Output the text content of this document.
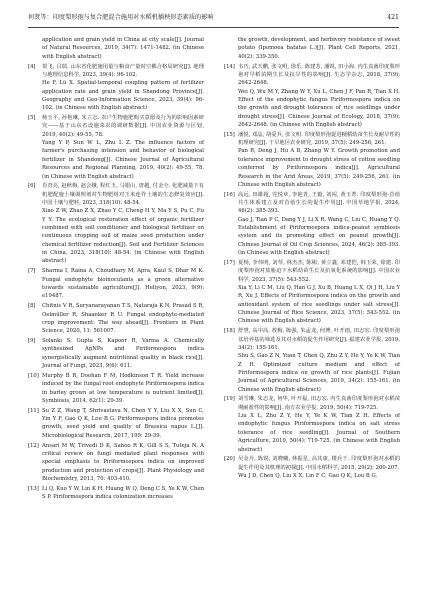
何贤等：印度梨形孢与复合肥混合施用对水稻机插秧形态素质的影响	421
application and grain yield in China at city scale[J]. Journal of Natural Resources, 2019, 34(7): 1471-1482. (in Chinese with English abstract)
[4] 贺飞, 吕瑞. 山东省化肥施用量与粮食产量时空耦合格局研究[J]. 地理与地理信息科学, 2023, 39(4): 96-102.
He F, Lü X. Spatial-temporal coupling pattern of fertilizer application rate and grain yield in Shandong Province[J]. Geography and Geo-Information Science, 2023, 39(4): 96-102. (in Chinese with English abstract)
[5] 杨玉平, 孙艳琳, 朱立志. 农户生物施肥购买意愿及行为的影响因素研究——基于山东省设施菜农的调研数据[J]. 中国农业资源与区划, 2019, 40(2): 49-55, 78.
Yang Y P, Sun W L, Zhu L Z. The influence factors of farmer's purchasing intension and behavior of biological fertilizer in Shandong[J]. Chinese Journal of Agricultural Resources and Regional Planning, 2019, 40(2): 49-55, 78. (in Chinese with English abstract)
[6] 肖青亮, 赵秋梅, 赵会娥, 程红玉, 马银山, 唐越, 付金全. 化肥减量下有机肥配施土壤调理剂对生物肥组对玉米连作土壤的生态修复效应[J]. 中国土壤与肥料, 2023, 318(10): 48-54.
Xiao Z W, Zhao Z X, Zhao Y C, Cheng H Y, Ma Y S, Pu C, Fu Y Y. The ecological restoration effect of organic fertilizer combined with soil conditioner and biological fertilizer on continuous cropping soil of maize seed production under chemical fertilizer reduction[J]. Soil and Fertilizer Sciences in China, 2023, 318(10): 48-54. (in Chinese with English abstract)
[7] Sharma I, Raina A, Choudhary M, Apra, Kaul S, Dhar M K. Fungal endophyte bioinoculants as a green alternative towards sustainable agriculture[J]. Heliyon, 2023, 9(9): e19487.
[8] Chitnis V R, Suryanarayanan T S, Nataraja K N, Prasad S R, Oelmüller R, Shaanker R U. Fungal endophyte-mediated crop improvement: The way ahead[J]. Frontiers in Plant Science, 2020, 11: 561007.
[9] Solanki S, Gupta S, Kapoor R, Varma A. Chemically synthesized AgNPs and Piriformospora indica synergistically augment nutritional quality in black rice[J]. Journal of Fungi, 2023, 9(6): 611.
[10] Murphy B R, Doohan F M, Hodkinson T R. Yield increase induced by the fungal root endophyte Piriformospora indica in barley grown at low temperature is nutrient limited[J]. Symbiosis, 2014, 62(1): 29-39.
[11] Su Z Z, Wang T, Shrivastava N, Chen Y Y, Liu X X, Sun C, Yin Y F, Gao Q K, Lou B G. Piriformospora indica promotes growth, seed yield and quality of Brassica napus L.[J]. Microbiological Research, 2017, 199: 29-39.
[12] Ansari M W, Trivedi D K, Sahoo R K, Gill S S, Tuteja N. A critical review on fungi mediated plant responses with special emphasis to Piriformospora indica on improved production and protection of crops[J]. Plant Physiology and Biochemistry, 2013, 70: 403-410.
[13] Li Q, Kuo Y W, Lin K H, Huang W Q, Deng C S, Ye K W, Chen S P. Piriformospora indica colonization increases
the growth, development, and herbivory resistance of sweet potato (Ipomoea batatas L.)[J]. Plant Cell Reports, 2021, 40(2): 339-350.
[14] 韦巧, 武天鹏, 张文明, 徐乐, 陈建芳, 潘锐, 田小海. 内生真菌印度梨形孢对早稻苗期生长及抗旱性的影响[J]. 生态学杂志, 2018, 37(9): 2642-2648.
Wei Q, Wu M Y, Zhang W Y, Xu L, Chen J F, Pan R, Tian X H. Effect of the endophytic fungus Piriformospora indica on the growth and drought tolerance of rice seedlings under drought stress[J]. Chinese Journal of Ecology, 2018, 37(9): 2642-2648. (in Chinese with English abstract)
[15] 潘悦, 邓晶, 胡爱兵, 张文明. 印度梨形孢促进粳稻幼苗生长及耐旱性的机理研究[J]. 干旱地区农业研究, 2019, 37(5): 249-256, 261.
Pan R, Deng J, Hu A B, Zhang W Y. Growth promotion and tolerance improvement to drought stress of cotton seedling conferred by Piriformospora indica[J]. Agricultural Research in the Arid Areas, 2019, 37(5): 249-256, 261. (in Chinese with English abstract)
[16] 高远, 田雄超, 党悦章, 李艳青, 王毅, 刘闯, 黄玉菁. 印度梨形孢-苜蓿共生体系建立及对苜蓿生长的促生作用[J]. 中国草地学报, 2024, 46(2): 385-393.
Gao J, Tian P C, Dang Y J, Li X R, Wang C, Liu C, Huang Y Q. Establishment of Piriformospora indica-peanut symbiosis system and its promoting effect on peanut growth[J]. Chinese Journal of Oil Crop Sciences, 2024, 46(2): 385-393. (in Chinese with English abstract)
[17] 夏杨, 李伟明, 刘琴, 林杰杰, 陈彬, 黄立鑫, 邓建恺, 韩玉荣, 徐建. 印度梨形孢对盐胁迫下水稻幼苗生长及抗氧化系统的影响[J]. 中国农业科学, 2023, 37(5): 543-552.
Xia Y, Li C M, Liu Q, Han G J, Xu B, Huang L X, Qi J H, Liu Y R, Xu J. Effects of Piriformospora indica on the growth and antioxidant system of rice seedlings under salt stress[J]. Chinese Journal of Rice Science, 2023, 37(5): 543-552. (in Chinese with English abstract)
[18] 舒慧, 高中高, 敖梅, 陈强, 朱孟龙, 何博, 叶开雨, 田志宏. 印度梨形孢盆培养基的筛选及其对水稻的促生作用研究[J]. 福建农业学报, 2019, 34(2): 155-161.
Shu S, Gao Z N, Yuan T, Chen Q, Zhu Z Y, He Y, Ye K W, Tian Z H. Optimized culture medium and effect of Piriformospora indica on growth of rice plants[J]. Fujian Journal of Agricultural Sciences, 2019, 34(2): 155-161. (in Chinese with English abstract)
[19] 刘雪琳, 朱志龙, 何华, 叶开福, 田志宏. 内生真菌印度梨形孢对水稻苗期耐盐性的影响[J]. 南方农业学报, 2019, 50(4): 719-725.
Liu X L, Zhu Z Y, He Y, Ye K W, Tian Z H. Effects of endophytic fungus Piriformospora indica on salt stress tolerance of rice seedling[J]. Journal of Southern Agriculture, 2019, 50(4): 719-725. (in Chinese with English abstract)
[20] 吴金丹, 陈锐, 刘晓曦, 林振星, 高其康, 楼兵干. 印度梨形孢对水稻的促生作用及其机理的初探[J]. 中国水稻科学, 2015, 29(2): 200-207.
Wu J D, Chen Q, Liu X X, Lin F C, Gao Q K, Lou B G.
